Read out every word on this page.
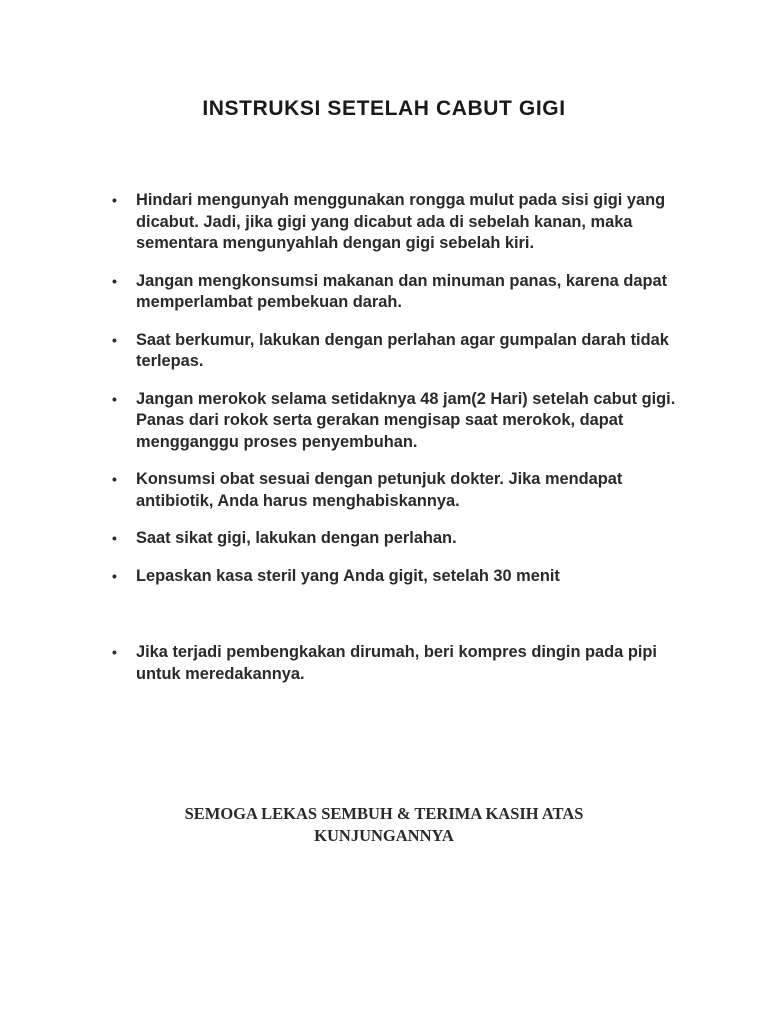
INSTRUKSI SETELAH CABUT GIGI
• Hindari mengunyah menggunakan rongga mulut pada sisi gigi yang dicabut. Jadi, jika gigi yang dicabut ada di sebelah kanan, maka sementara mengunyahlah dengan gigi sebelah kiri.
• Jangan mengkonsumsi makanan dan minuman panas, karena dapat memperlambat pembekuan darah.
• Saat berkumur, lakukan dengan perlahan agar gumpalan darah tidak terlepas.
• Jangan merokok selama setidaknya 48 jam(2 Hari) setelah cabut gigi. Panas dari rokok serta gerakan mengisap saat merokok, dapat mengganggu proses penyembuhan.
• Konsumsi obat sesuai dengan petunjuk dokter. Jika mendapat antibiotik, Anda harus menghabiskannya.
• Saat sikat gigi, lakukan dengan perlahan.
• Lepaskan kasa steril yang Anda gigit, setelah 30 menit
• Jika terjadi pembengkakan dirumah, beri kompres dingin pada pipi untuk meredakannya.
SEMOGA LEKAS SEMBUH & TERIMA KASIH ATAS
KUNJUNGANNYA
